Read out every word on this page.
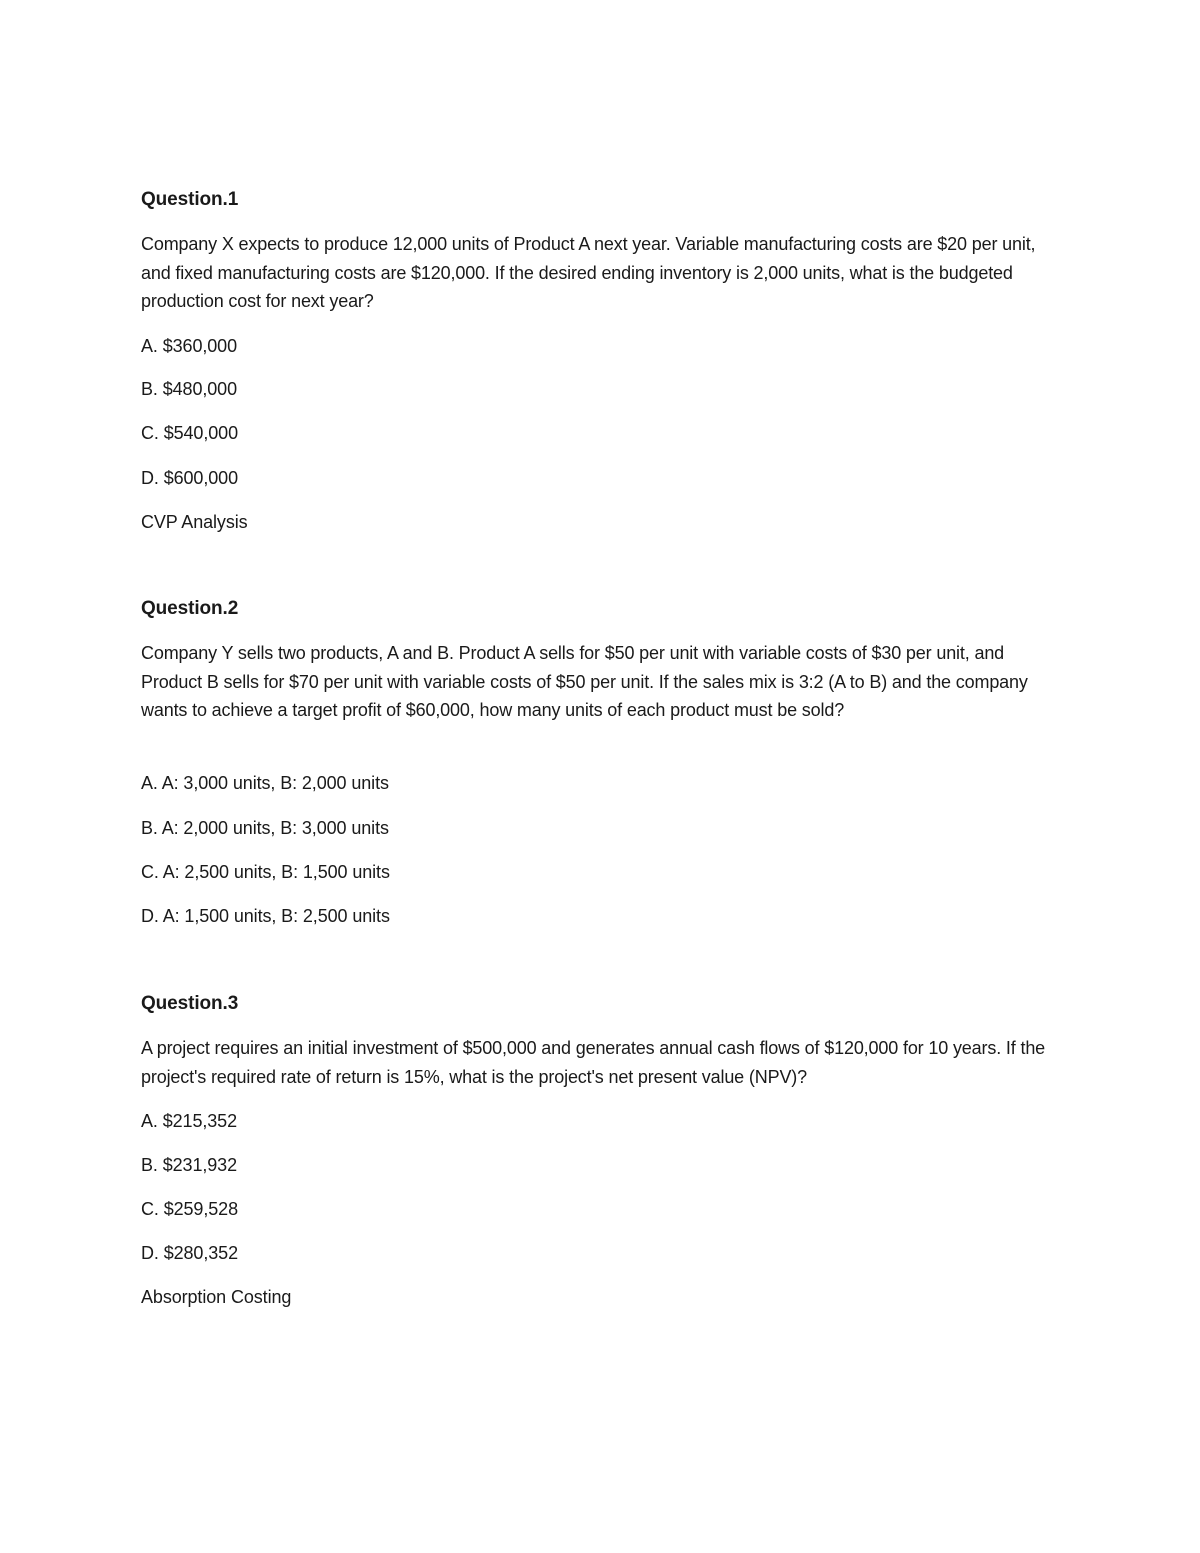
Question.1

Company X expects to produce 12,000 units of Product A next year. Variable manufacturing costs are $20 per unit, and fixed manufacturing costs are $120,000. If the desired ending inventory is 2,000 units, what is the budgeted production cost for next year?

A. $360,000

B. $480,000

C. $540,000

D. $600,000

CVP Analysis

Question.2

Company Y sells two products, A and B. Product A sells for $50 per unit with variable costs of $30 per unit, and Product B sells for $70 per unit with variable costs of $50 per unit. If the sales mix is 3:2 (A to B) and the company wants to achieve a target profit of $60,000, how many units of each product must be sold?

A. A: 3,000 units, B: 2,000 units

B. A: 2,000 units, B: 3,000 units

C. A: 2,500 units, B: 1,500 units

D. A: 1,500 units, B: 2,500 units

Question.3

A project requires an initial investment of $500,000 and generates annual cash flows of $120,000 for 10 years. If the project's required rate of return is 15%, what is the project's net present value (NPV)?

A. $215,352

B. $231,932

C. $259,528

D. $280,352

Absorption Costing
